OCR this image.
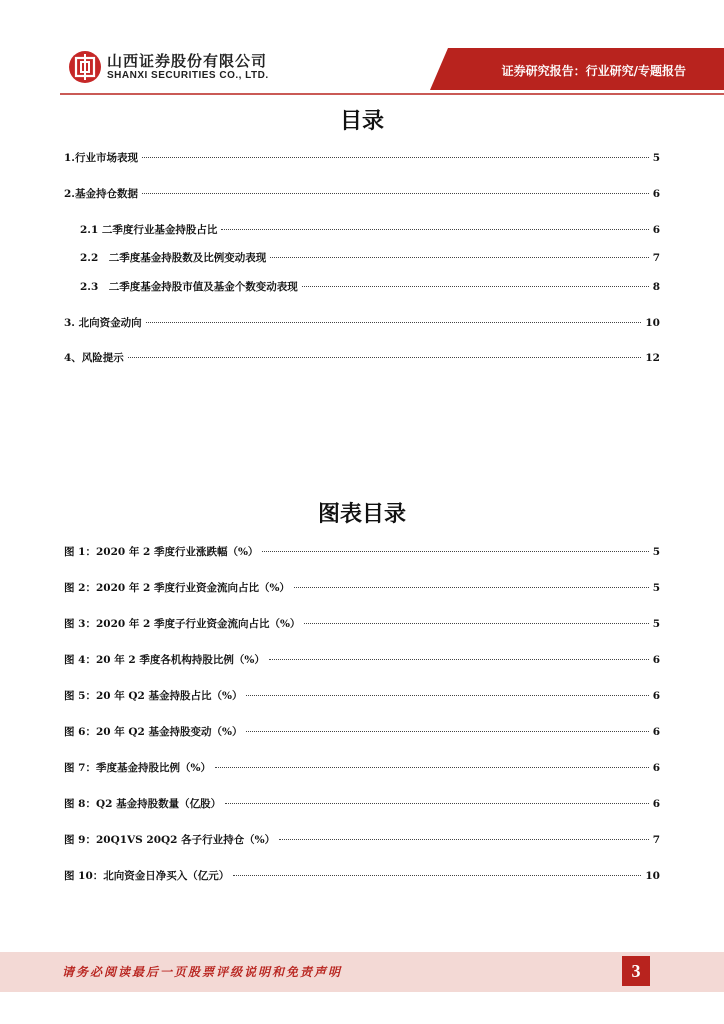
山西证券股份有限公司
SHANXI SECURITIES CO., LTD.	证券研究报告：行业研究/专题报告
目录
1.行业市场表现	5
2.基金持仓数据	6
2.1 二季度行业基金持股占比	6
2.2　二季度基金持股数及比例变动表现	7
2.3　二季度基金持股市值及基金个数变动表现	8
3. 北向资金动向	10
4、风险提示	12
图表目录
图 1：2020 年 2 季度行业涨跌幅（%）	5
图 2：2020 年 2 季度行业资金流向占比（%）	5
图 3：2020 年 2 季度子行业资金流向占比（%）	5
图 4：20 年 2 季度各机构持股比例（%）	6
图 5：20 年 Q2 基金持股占比（%）	6
图 6：20 年 Q2 基金持股变动（%）	6
图 7：季度基金持股比例（%）	6
图 8：Q2 基金持股数量（亿股）	6
图 9：20Q1VS 20Q2 各子行业持仓（%）	7
图 10：北向资金日净买入（亿元）	10
请务必阅读最后一页股票评级说明和免责声明	3
